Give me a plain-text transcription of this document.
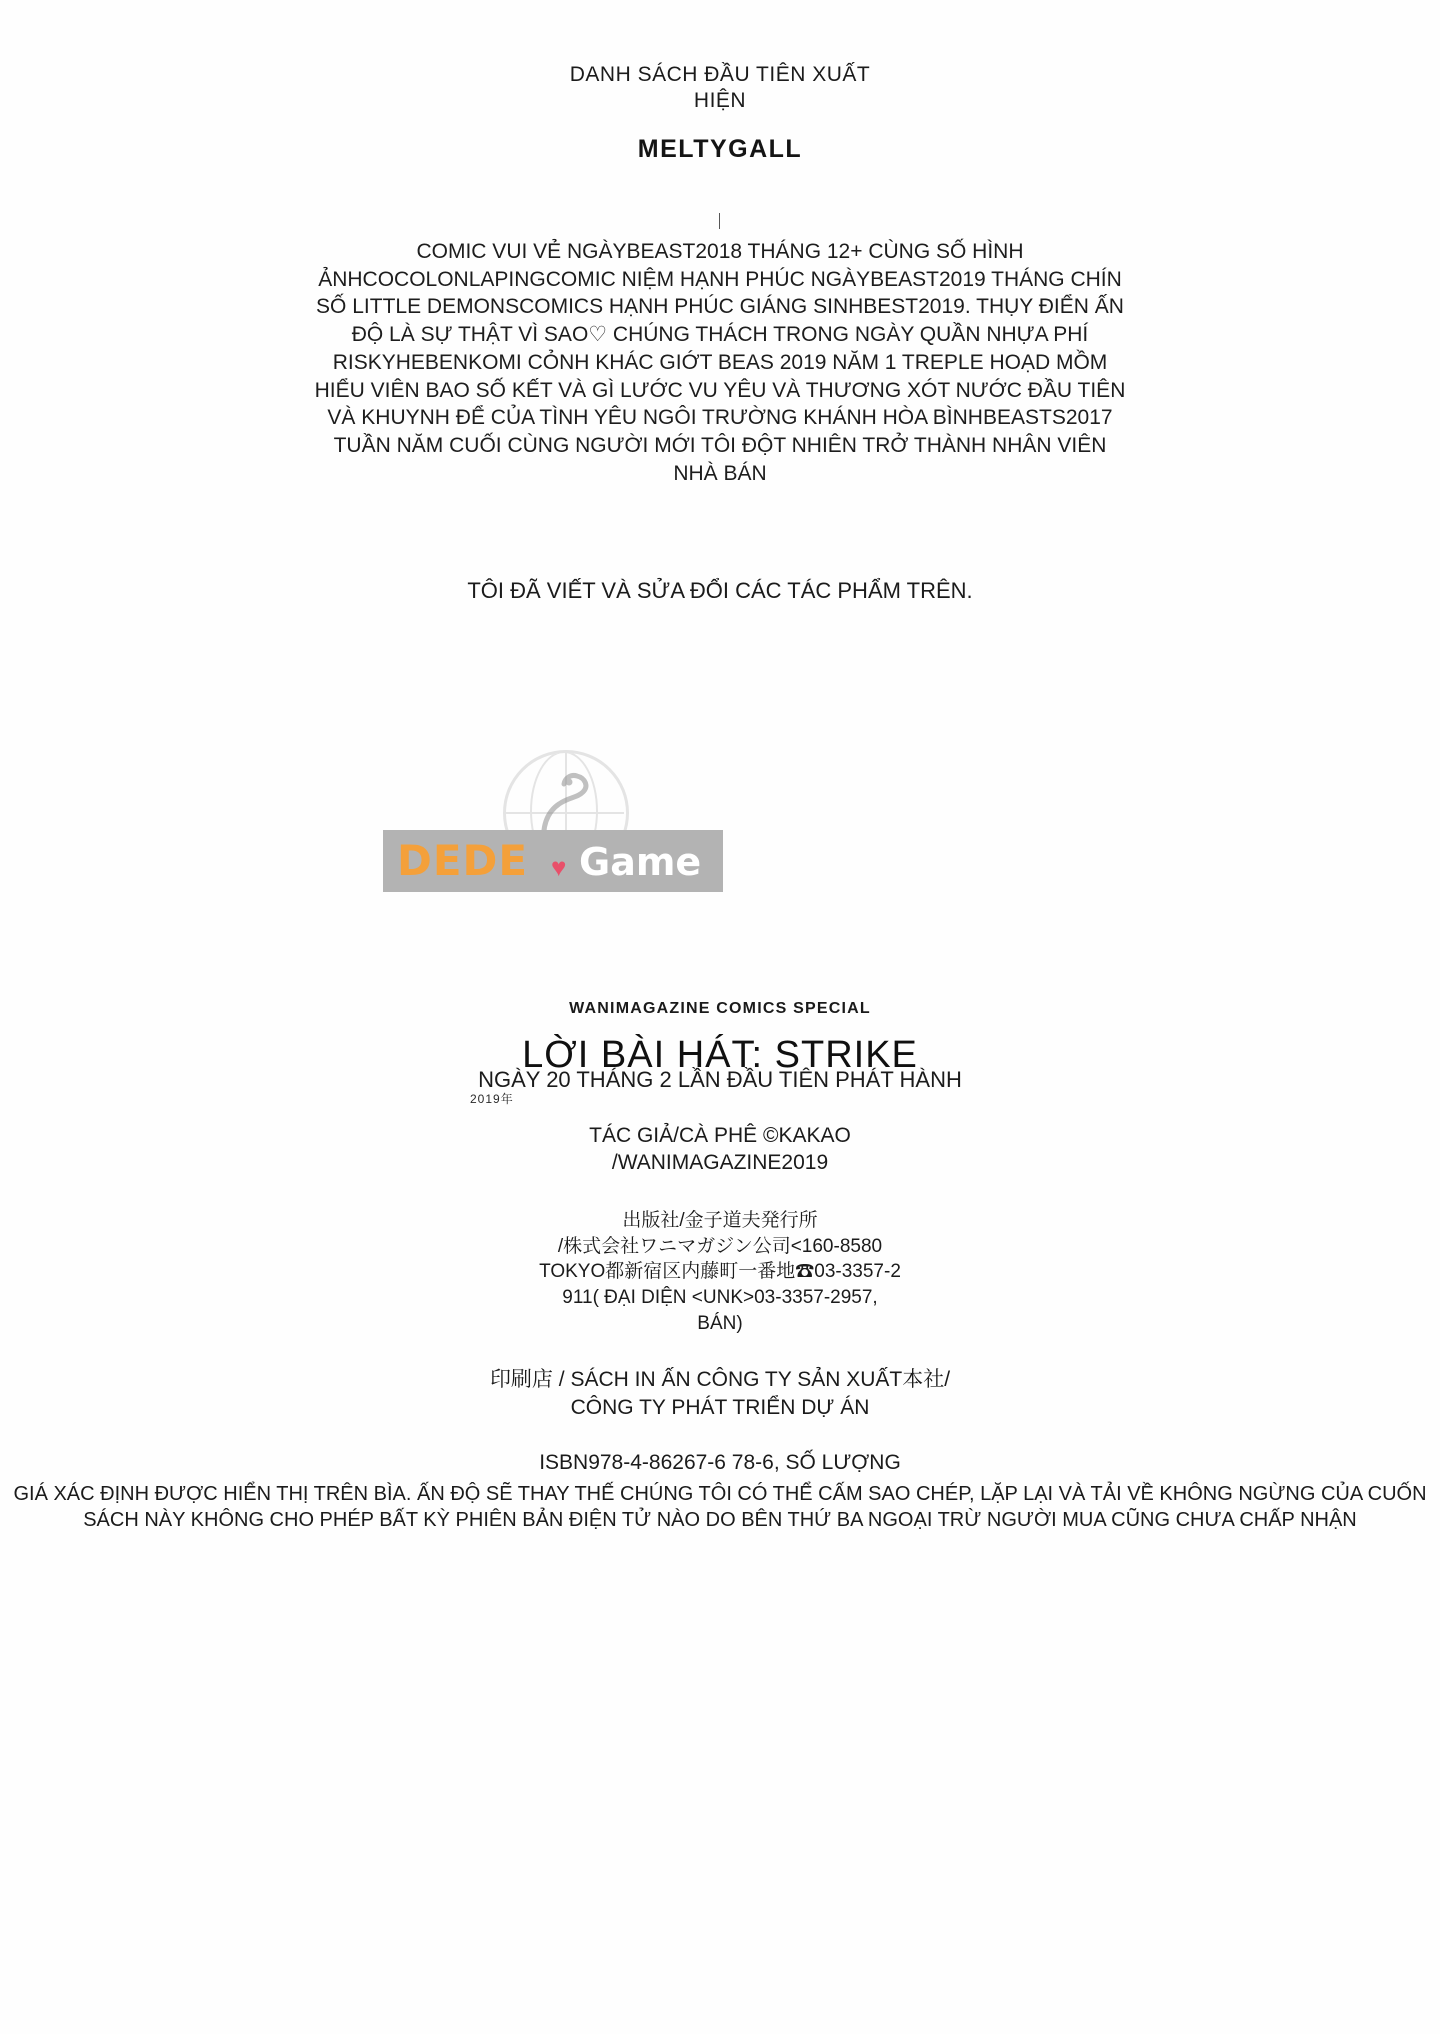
DANH SÁCH ĐẦU TIÊN XUẤT
HIỆN
MELTYGALL
COMIC VUI VẺ NGÀYBEAST2018 THÁNG 12+ CÙNG SỐ HÌNH ẢNHCOCOLONLAPINGCOMIC NIỆM HẠNH PHÚC NGÀYBEAST2019 THÁNG CHÍN SỐ LITTLE DEMONSCOMICS HẠNH PHÚC GIÁNG SINHBEST2019. THỤY ĐIỂN ẤN ĐỘ LÀ SỰ THẬT VÌ SAO♡ CHÚNG THÁCH TRONG NGÀY QUẦN NHỰA PHÍ RISKYHEBENKOMI CỎNH KHÁC GIỚT BEAS 2019 NĂM 1 TREPLE HOẠD MỒM HIỂU VIÊN BAO SỐ KẾT VÀ GÌ LƯỚC VU YÊU VÀ THƯƠNG XÓT NƯỚC ĐẦU TIÊN VÀ KHUYNH ĐỂ CỦA TÌNH YÊU NGÔI TRƯỜNG KHÁNH HÒA BÌNHBEASTS2017 TUẦN NĂM CUỐI CÙNG NGƯỜI MỚI TÔI ĐỘT NHIÊN TRỞ THÀNH NHÂN VIÊN NHÀ BÁN
TÔI ĐÃ VIẾT VÀ SỬA ĐỔI CÁC TÁC PHẨM TRÊN.
DEDE ♥ Game
WANIMAGAZINE COMICS SPECIAL
LỜI BÀI HÁT: STRIKE
NGÀY 20 THÁNG 2 LẦN ĐẦU TIÊN PHÁT HÀNH
TÁC GIẢ/CÀ PHÊ ©KAKAO
/WANIMAGAZINE2019
出版社/金子道夫発行所
/株式会社ワニマガジン公司<160-8580
TOKYO都新宿区内藤町一番地☎03-3357-2
911( ĐẠI DIỆN <UNK>03-3357-2957,
BÁN)
印刷店 / SÁCH IN ẤN CÔNG TY SẢN XUẤT本社/
CÔNG TY PHÁT TRIỂN DỰ ÁN
ISBN978-4-86267-6 78-6, SỐ LƯỢNG
GIÁ XÁC ĐỊNH ĐƯỢC HIỂN THỊ TRÊN BÌA. ẤN ĐỘ SẼ THAY THẾ CHÚNG TÔI CÓ THỂ CẤM SAO CHÉP, LẶP LẠI VÀ TẢI VỀ KHÔNG NGỪNG CỦA CUỐN SÁCH NÀY KHÔNG CHO PHÉP BẤT KỲ PHIÊN BẢN ĐIỆN TỬ NÀO DO BÊN THỨ BA NGOẠI TRỪ NGƯỜI MUA CŨNG CHƯA CHẤP NHẬN
2019年
